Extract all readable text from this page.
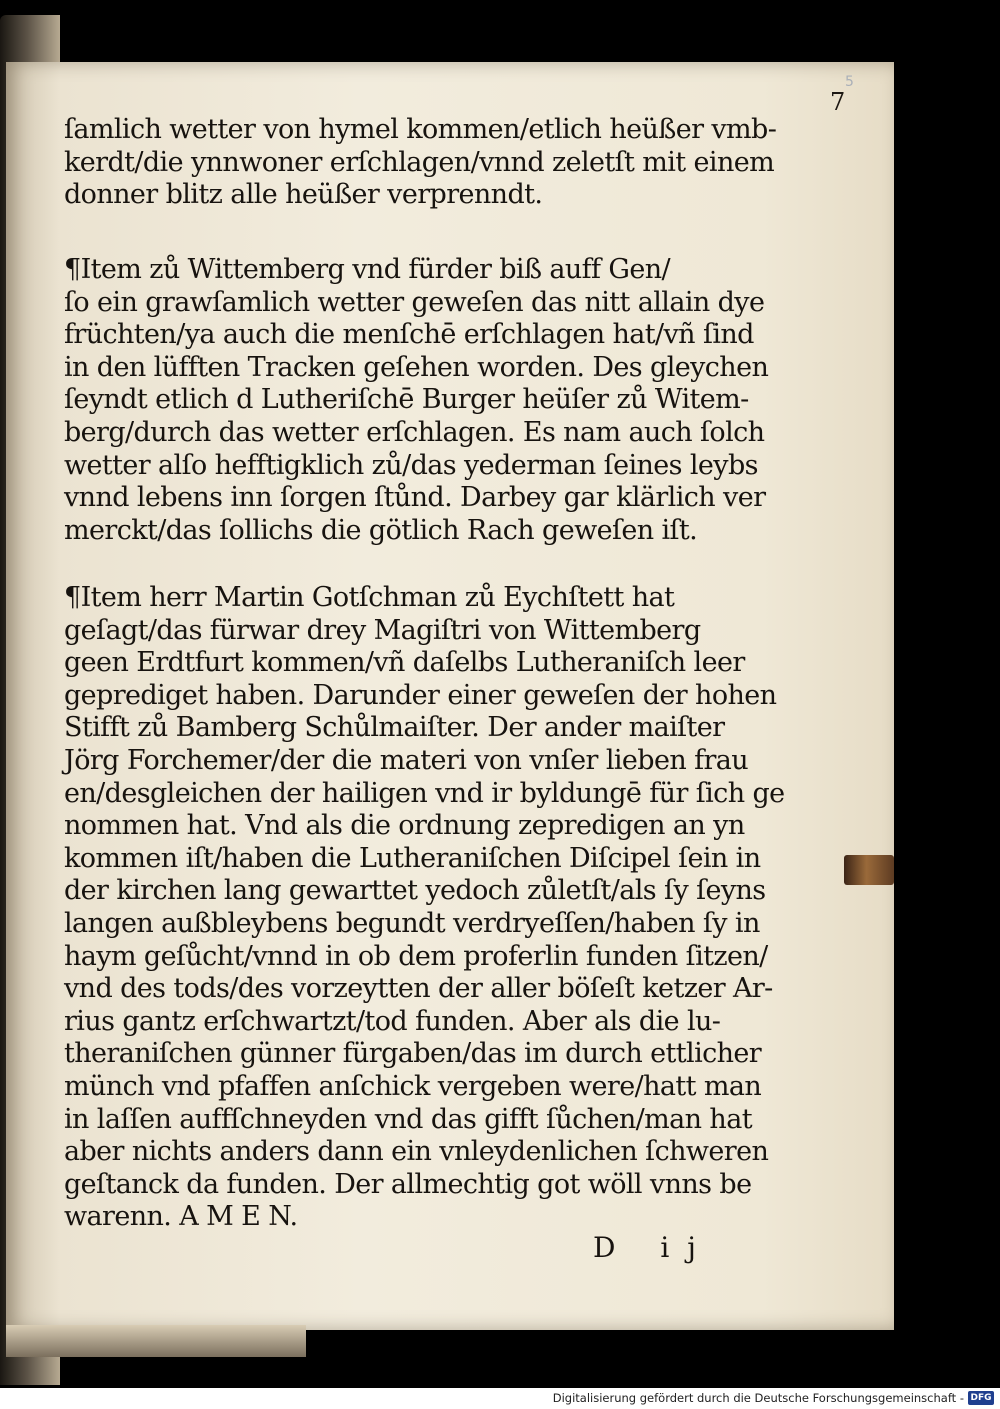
5
7

ſamlich wetter von hymel kommen/etlich heüßer vmb-
kerdt/die ynnwoner erſchlagen/vnnd zeletſt mit einem
donner blitz alle heüßer verprenndt.

¶Item zů Wittemberg vnd fürder biß auff Gen/
ſo ein grawſamlich wetter geweſen das nitt allain dye
früchten/ya auch die menſchē erſchlagen hat/vñ ſind
in den lüfften Tracken geſehen worden. Des gleychen
ſeyndt etlich d Lutheriſchē Burger heüſer zů Witem-
berg/durch das wetter erſchlagen. Es nam auch ſolch
wetter alſo hefftigklich zů/das yederman ſeines leybs
vnnd lebens inn ſorgen ſtůnd. Darbey gar klärlich ver
merckt/das ſollichs die götlich Rach geweſen iſt.

¶Item herr Martin Gotſchman zů Eychſtett hat
geſagt/das fürwar drey Magiſtri von Wittemberg
geen Erdtfurt kommen/vñ daſelbs Lutheraniſch leer
geprediget haben. Darunder einer geweſen der hohen
Stifft zů Bamberg Schůlmaiſter. Der ander maiſter
Jörg Forchemer/der die materi von vnſer lieben frau
en/desgleichen der hailigen vnd ir byldungē für ſich ge
nommen hat. Vnd als die ordnung zepredigen an yn
kommen iſt/haben die Lutheraniſchen Diſcipel ſein in
der kirchen lang gewarttet yedoch zůletſt/als ſy ſeyns
langen außbleybens begundt verdryeſſen/haben ſy in
haym geſůcht/vnnd in ob dem proferlin funden ſitzen/
vnd des tods/des vorzeytten der aller böſeſt ketzer Ar-
rius gantz erſchwartzt/tod funden. Aber als die lu-
theraniſchen günner fürgaben/das im durch ettlicher
münch vnd pfaffen anſchick vergeben were/hatt man
in laſſen auffſchneyden vnd das gifft ſůchen/man hat
aber nichts anders dann ein vnleydenlichen ſchweren
geſtanck da funden. Der allmechtig got wöll vnns be
warenn. A M E N.

D ij
Digitalisierung gefördert durch die Deutsche Forschungsgemeinschaft - DFG
